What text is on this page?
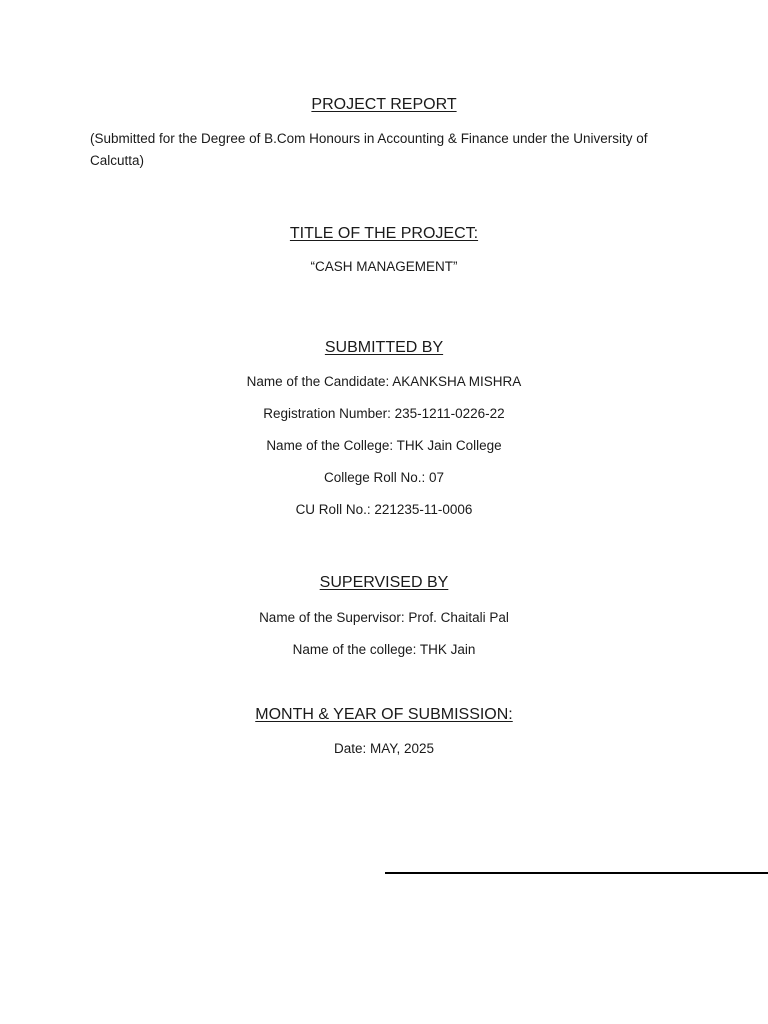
PROJECT REPORT
(Submitted for the Degree of B.Com Honours in Accounting & Finance under the University of Calcutta)
TITLE OF THE PROJECT:
“CASH MANAGEMENT”
SUBMITTED BY
Name of the Candidate: AKANKSHA MISHRA
Registration Number: 235-1211-0226-22
Name of the College: THK Jain College
College Roll No.: 07
CU Roll No.: 221235-11-0006
SUPERVISED BY
Name of the Supervisor: Prof. Chaitali Pal
Name of the college: THK Jain
MONTH & YEAR OF SUBMISSION:
Date: MAY, 2025
